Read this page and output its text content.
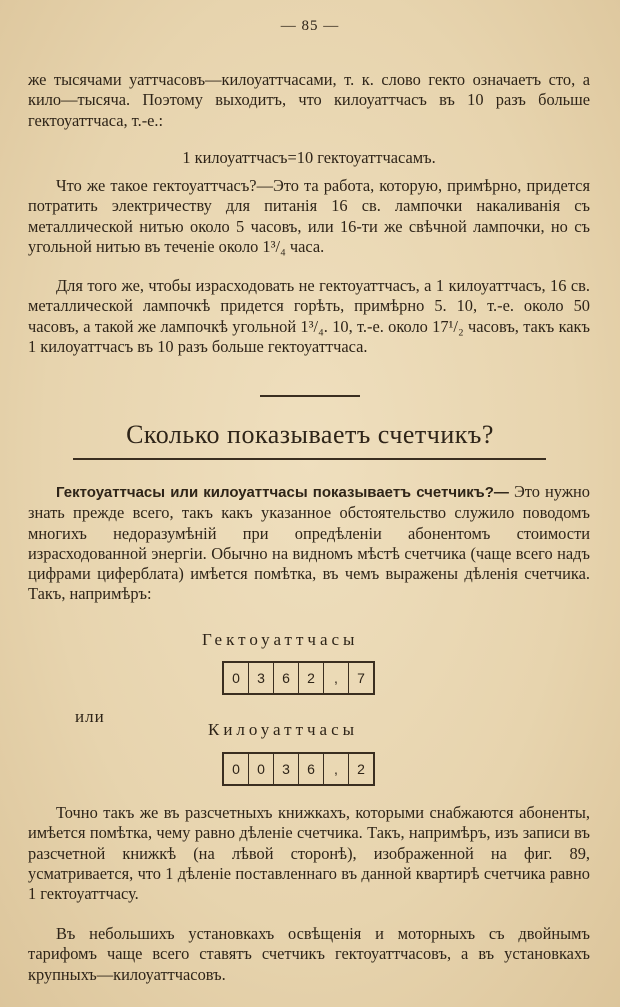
— 85 —
же тысячами уаттчасовъ—килоуаттчасами, т. к. слово гекто означаетъ сто, а кило—тысяча. Поэтому выходитъ, что килоуаттчасъ въ 10 разъ больше гектоуаттчаса, т.-е.:
1 килоуаттчасъ=10 гектоуаттчасамъ.
Что же такое гектоуаттчасъ?—Это та работа, которую, примѣрно, придется потратить электричеству для питанія 16 св. лампочки накаливанія съ металлической нитью около 5 часовъ, или 16-ти же свѣчной лампочки, но съ угольной нитью въ теченіе около 1³/₄ часа.
Для того же, чтобы израсходовать не гектоуаттчасъ, а 1 килоуаттчасъ, 16 св. металлической лампочкѣ придется горѣть, примѣрно 5. 10, т.-е. около 50 часовъ, а такой же лампочкѣ угольной 1³/₄. 10, т.-е. около 17¹/₂ часовъ, такъ какъ 1 килоуаттчасъ въ 10 разъ больше гектоуаттчаса.
Сколько показываетъ счетчикъ?
Гектоуаттчасы или килоуаттчасы показываетъ счетчикъ?— Это нужно знать прежде всего, такъ какъ указанное обстоятельство служило поводомъ многихъ недоразумѣній при опредѣленіи абонентомъ стоимости израсходованной энергіи. Обычно на видномъ мѣстѣ счетчика (чаще всего надъ цифрами циферблата) имѣется помѣтка, въ чемъ выражены дѣленія счетчика. Такъ, напримѣръ:
Гектоуаттчасы
0	3	6	2	,	7
или
Килоуаттчасы
0	0	3	6	,	2
Точно такъ же въ разсчетныхъ книжкахъ, которыми снабжаются абоненты, имѣется помѣтка, чему равно дѣленіе счетчика. Такъ, напримѣръ, изъ записи въ разсчетной книжкѣ (на лѣвой сторонѣ), изображенной на фиг. 89, усматривается, что 1 дѣленіе поставленнаго въ данной квартирѣ счетчика равно 1 гектоуаттчасу.
Въ небольшихъ установкахъ освѣщенія и моторныхъ съ двойнымъ тарифомъ чаще всего ставятъ счетчикъ гектоуаттчасовъ, а въ установкахъ крупныхъ—килоуаттчасовъ.
